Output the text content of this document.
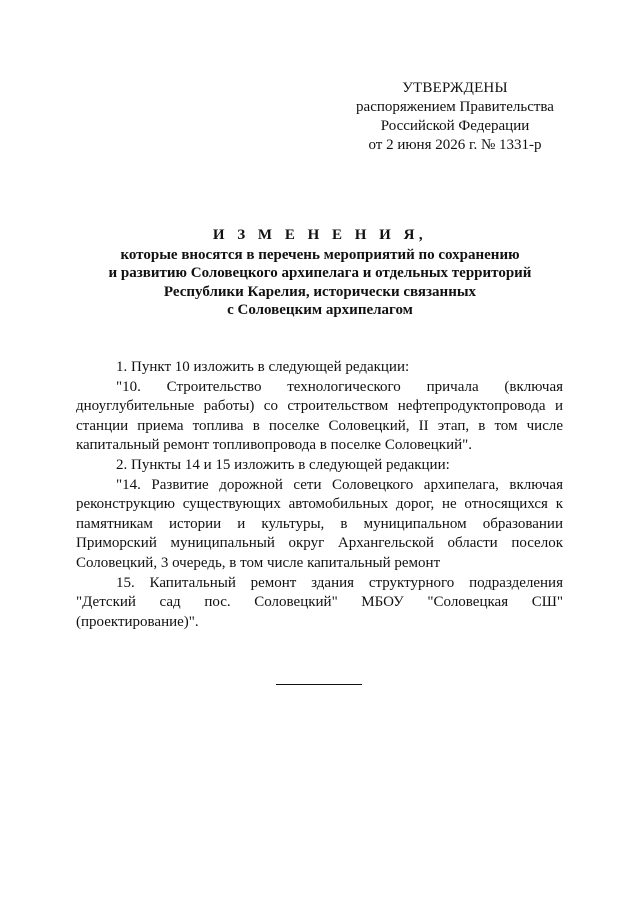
УТВЕРЖДЕНЫ
распоряжением Правительства
Российской Федерации
от 2 июня 2026 г. № 1331-р
И З М Е Н Е Н И Я,
которые вносятся в перечень мероприятий по сохранению
и развитию Соловецкого архипелага и отдельных территорий
Республики Карелия, исторически связанных
с Соловецким архипелагом

1. Пункт 10 изложить в следующей редакции:

"10. Строительство технологического причала (включая дноуглубительные работы) со строительством нефтепродуктопровода и станции приема топлива в поселке Соловецкий, II этап, в том числе капитальный ремонт топливопровода в поселке Соловецкий".

2. Пункты 14 и 15 изложить в следующей редакции:

"14. Развитие дорожной сети Соловецкого архипелага, включая реконструкцию существующих автомобильных дорог, не относящихся к памятникам истории и культуры, в муниципальном образовании Приморский муниципальный округ Архангельской области поселок Соловецкий, 3 очередь, в том числе капитальный ремонт

15. Капитальный ремонт здания структурного подразделения "Детский сад пос. Соловецкий" МБОУ "Соловецкая СШ" (проектирование)".
